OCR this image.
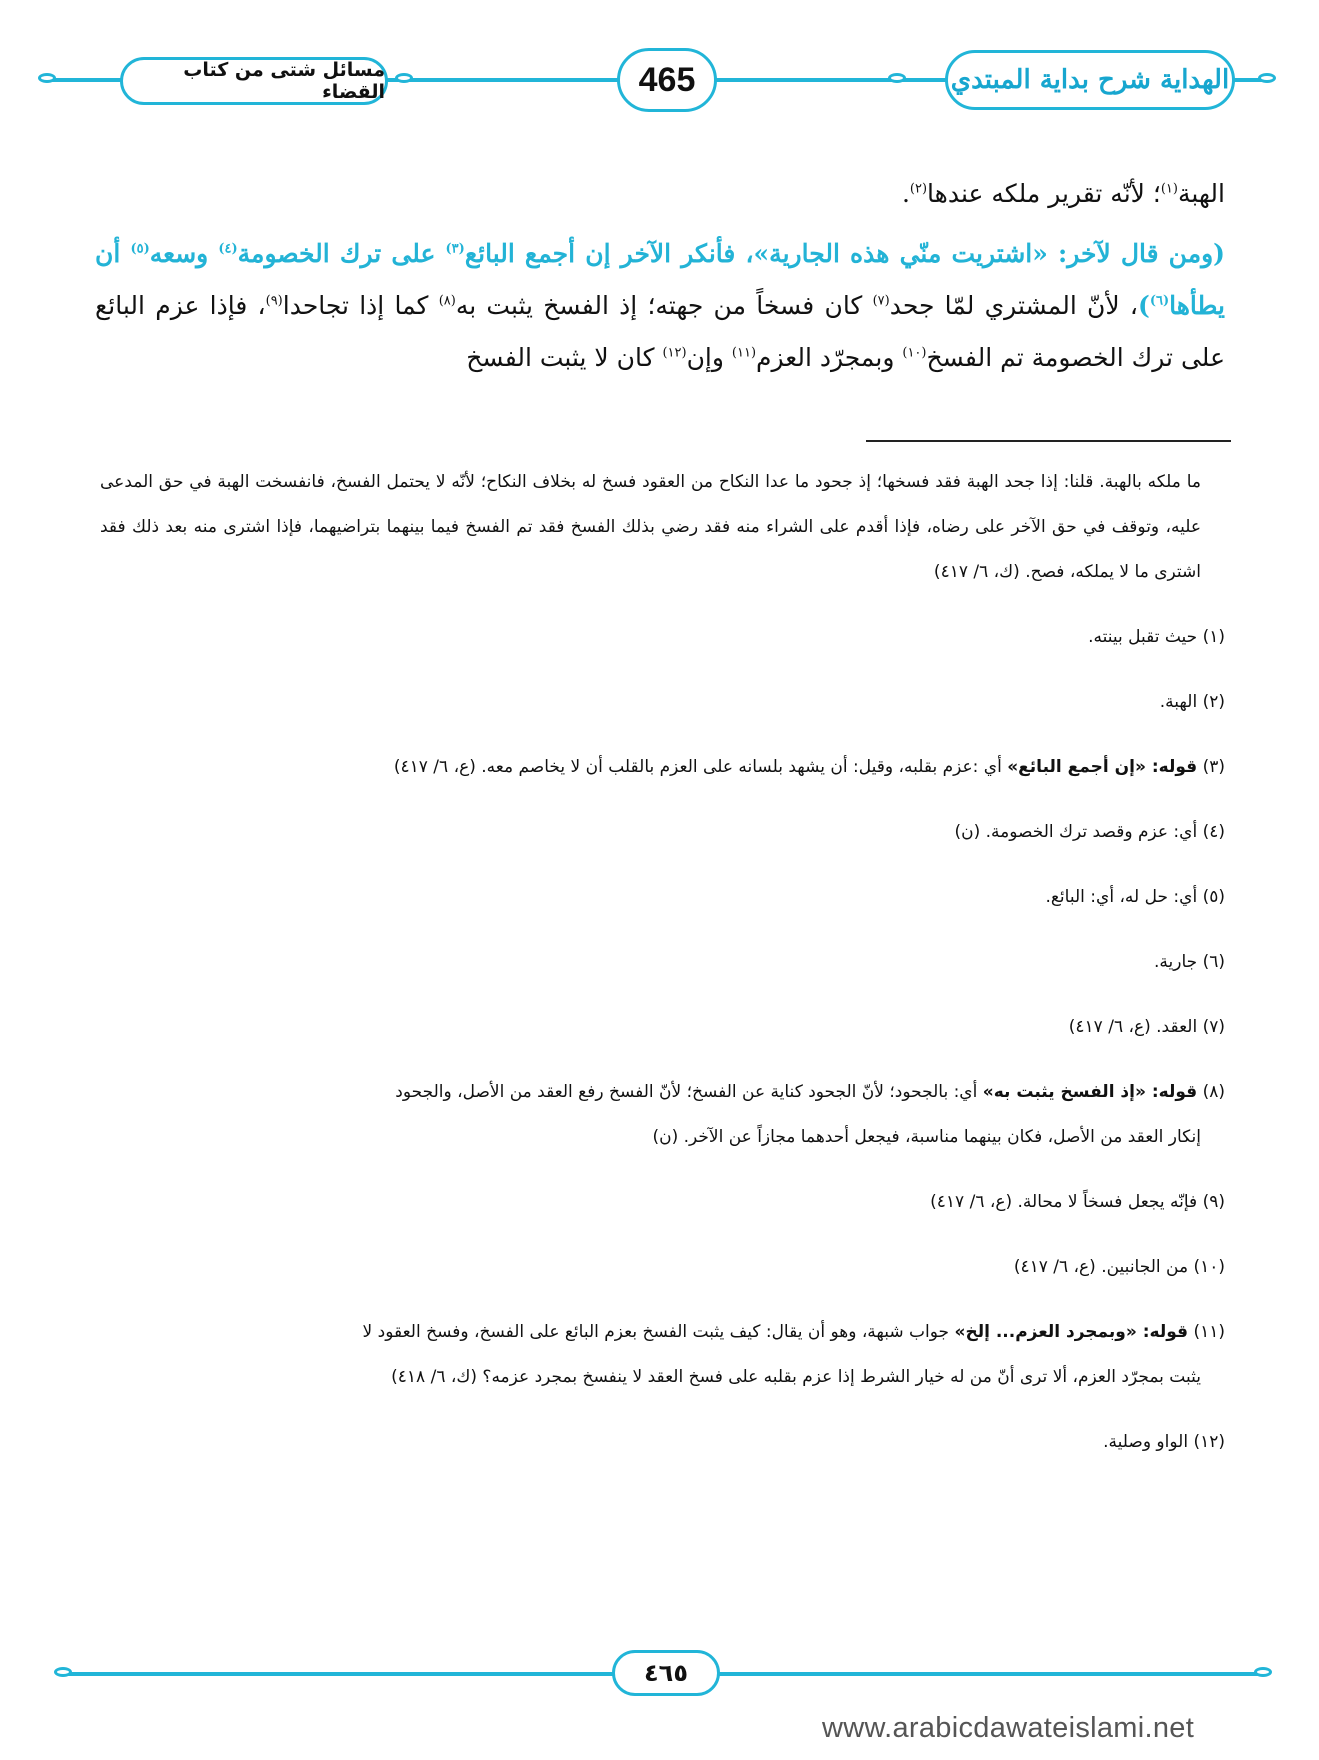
مسائل شتى من كتاب القضاء	465	الهداية شرح بداية المبتدي

الهبة$^{(١)}$؛ لأنّه تقرير ملكه عندها$^{(٢)}$.

(ومن قال لآخر: «اشتريت منّي هذه الجارية»، فأنكر الآخر إن أجمع البائع$^{(٣)}$ على ترك الخصومة$^{(٤)}$ وسعه$^{(٥)}$ أن يطأها$^{(٦)}$)، لأنّ المشتري لمّا جحد$^{(٧)}$ كان فسخاً من جهته؛ إذ الفسخ يثبت به$^{(٨)}$ كما إذا تجاحدا$^{(٩)}$، فإذا عزم البائع على ترك الخصومة تم الفسخ$^{(١٠)}$ وبمجرّد العزم$^{(١١)}$ وإن$^{(١٢)}$ كان لا يثبت الفسخ

ما ملكه بالهبة. قلنا: إذا جحد الهبة فقد فسخها؛ إذ جحود ما عدا النكاح من العقود فسخ له بخلاف النكاح؛ لأنّه لا يحتمل الفسخ، فانفسخت الهبة في حق المدعى عليه، وتوقف في حق الآخر على رضاه، فإذا أقدم على الشراء منه فقد رضي بذلك الفسخ فقد تم الفسخ فيما بينهما بتراضيهما، فإذا اشترى منه بعد ذلك فقد اشترى ما لا يملكه، فصح. (ك، ٦/ ٤١٧)

(١) حيث تقبل بينته.

(٢) الهبة.

(٣) قوله: «إن أجمع البائع» أي :عزم بقلبه، وقيل: أن يشهد بلسانه على العزم بالقلب أن لا يخاصم معه. (ع، ٦/ ٤١٧)

(٤) أي: عزم وقصد ترك الخصومة. (ن)

(٥) أي: حل له، أي: البائع.

(٦) جارية.

(٧) العقد. (ع، ٦/ ٤١٧)

(٨) قوله: «إذ الفسخ يثبت به» أي: بالجحود؛ لأنّ الجحود كناية عن الفسخ؛ لأنّ الفسخ رفع العقد من الأصل، والجحود
إنكار العقد من الأصل، فكان بينهما مناسبة، فيجعل أحدهما مجازاً عن الآخر. (ن)

(٩) فإنّه يجعل فسخاً لا محالة. (ع، ٦/ ٤١٧)

(١٠) من الجانبين. (ع، ٦/ ٤١٧)

(١١) قوله: «وبمجرد العزم... إلخ» جواب شبهة، وهو أن يقال: كيف يثبت الفسخ بعزم البائع على الفسخ، وفسخ العقود لا
يثبت بمجرّد العزم، ألا ترى أنّ من له خيار الشرط إذا عزم بقلبه على فسخ العقد لا ينفسخ بمجرد عزمه؟ (ك، ٦/ ٤١٨)

(١٢) الواو وصلية.

٤٦٥
www.arabicdawateislami.net
